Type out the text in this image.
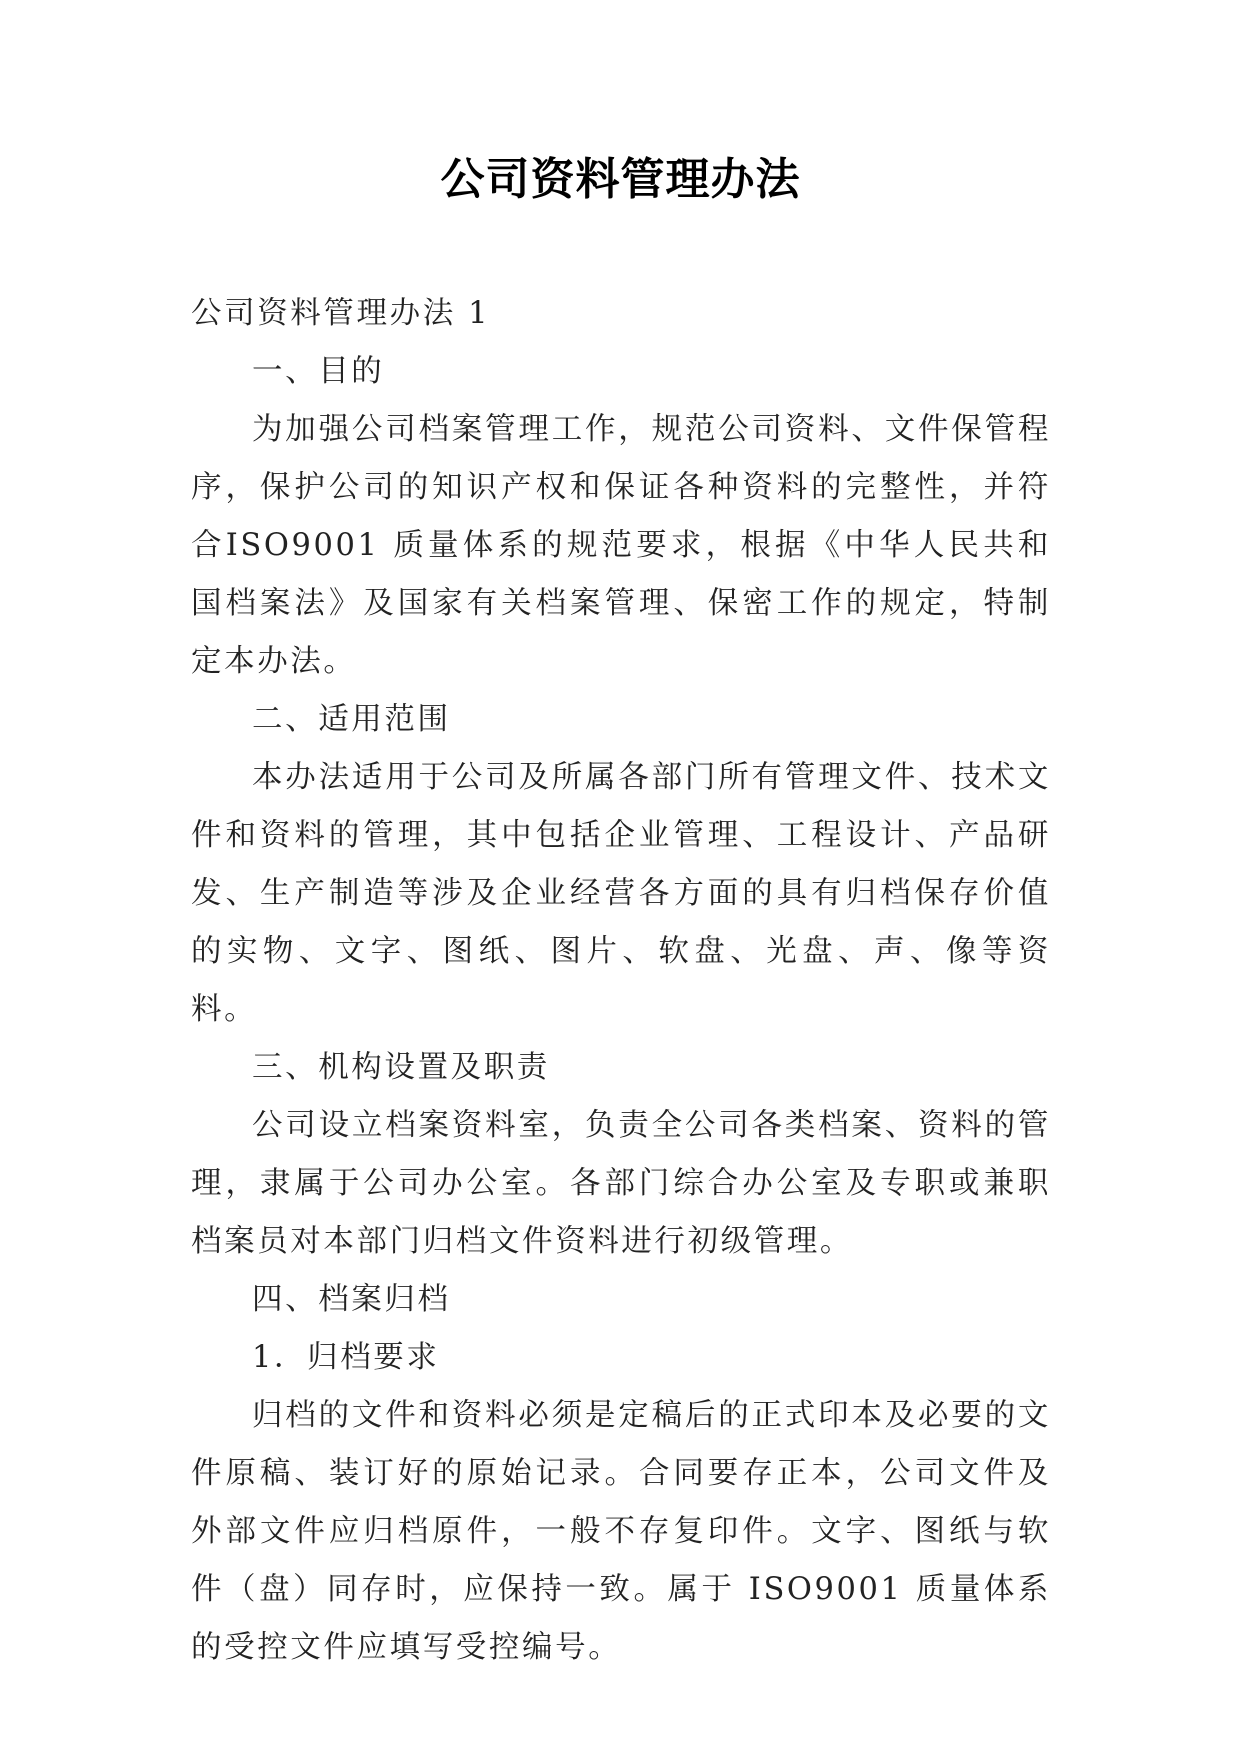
公司资料管理办法

公司资料管理办法 1

一、目的

为加强公司档案管理工作，规范公司资料、文件保管程序，保护公司的知识产权和保证各种资料的完整性，并符合ISO9001 质量体系的规范要求，根据《中华人民共和国档案法》及国家有关档案管理、保密工作的规定，特制定本办法。

二、适用范围

本办法适用于公司及所属各部门所有管理文件、技术文件和资料的管理，其中包括企业管理、工程设计、产品研发、生产制造等涉及企业经营各方面的具有归档保存价值的实物、文字、图纸、图片、软盘、光盘、声、像等资料。

三、机构设置及职责

公司设立档案资料室，负责全公司各类档案、资料的管理，隶属于公司办公室。各部门综合办公室及专职或兼职档案员对本部门归档文件资料进行初级管理。

四、档案归档

1．归档要求

归档的文件和资料必须是定稿后的正式印本及必要的文件原稿、装订好的原始记录。合同要存正本，公司文件及外部文件应归档原件，一般不存复印件。文字、图纸与软件（盘）同存时，应保持一致。属于 ISO9001 质量体系的受控文件应填写受控编号。
